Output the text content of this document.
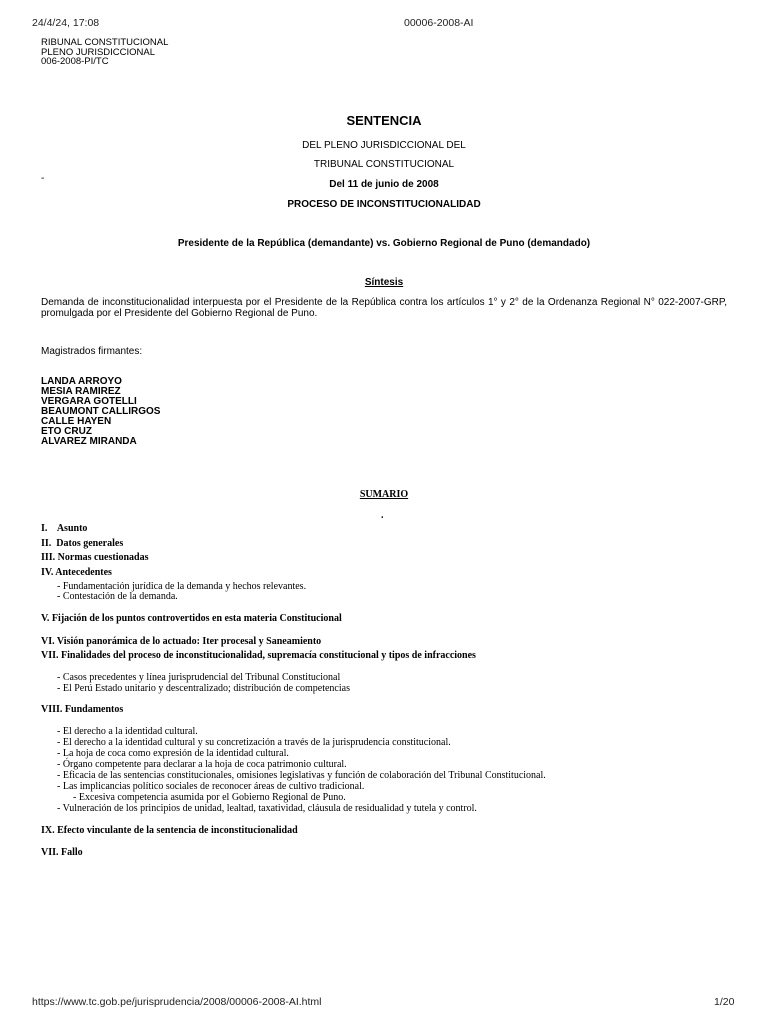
24/4/24, 17:08	00006-2008-AI
RIBUNAL CONSTITUCIONAL
PLENO JURISDICCIONAL
006-2008-PI/TC
SENTENCIA
DEL PLENO JURISDICCIONAL DEL
TRIBUNAL CONSTITUCIONAL
-
Del 11 de junio de 2008
PROCESO DE INCONSTITUCIONALIDAD
Presidente de la República (demandante) vs. Gobierno Regional de Puno (demandado)
Síntesis
Demanda de inconstitucionalidad interpuesta por el Presidente de la República contra los artículos 1° y 2° de la Ordenanza Regional N° 022-2007-GRP, promulgada por el Presidente del Gobierno Regional de Puno.
Magistrados firmantes:
LANDA ARROYO
MESIA RAMIREZ
VERGARA GOTELLI
BEAUMONT CALLIRGOS
CALLE HAYEN
ETO CRUZ
ALVAREZ MIRANDA
SUMARIO
.
I.    Asunto
II.  Datos generales
III. Normas cuestionadas
IV. Antecedentes
- Fundamentación jurídica de la demanda y hechos relevantes.
- Contestación de la demanda.
V. Fijación de los puntos controvertidos en esta materia Constitucional
VI. Visión panorámica de lo actuado: Iter procesal y Saneamiento
VII. Finalidades del proceso de inconstitucionalidad, supremacía constitucional y tipos de infracciones
- Casos precedentes y línea jurisprudencial del Tribunal Constitucional
- El Perú Estado unitario y descentralizado; distribución de competencias
VIII. Fundamentos
- El derecho a la identidad cultural.
- El derecho a la identidad cultural y su concretización a través de la jurisprudencia constitucional.
- La hoja de coca como expresión de la identidad cultural.
- Órgano competente para declarar a la hoja de coca patrimonio cultural.
- Eficacia de las sentencias constitucionales, omisiones legislativas y función de colaboración del Tribunal Constitucional.
- Las implicancias político sociales de reconocer áreas de cultivo tradicional.
- Excesiva competencia asumida por el Gobierno Regional de Puno.
- Vulneración de los principios de unidad, lealtad, taxatividad, cláusula de residualidad y tutela y control.
IX. Efecto vinculante de la sentencia de inconstitucionalidad
VII. Fallo
https://www.tc.gob.pe/jurisprudencia/2008/00006-2008-AI.html	1/20
